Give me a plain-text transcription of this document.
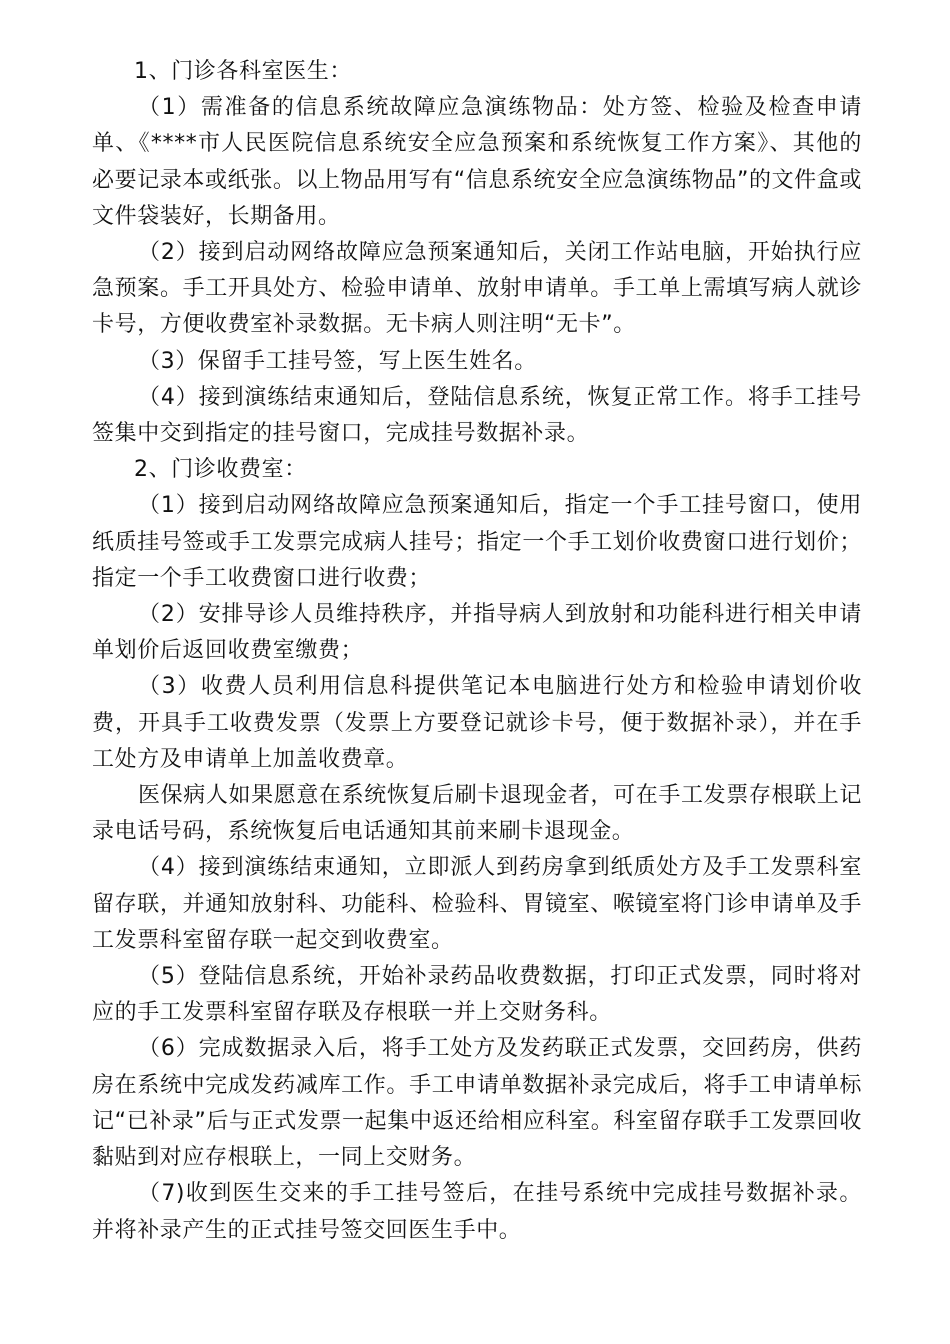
1、门诊各科室医生：

（1）需准备的信息系统故障应急演练物品：处方签、检验及检查申请单、《****市人民医院信息系统安全应急预案和系统恢复工作方案》、其他的必要记录本或纸张。以上物品用写有“信息系统安全应急演练物品”的文件盒或文件袋装好，长期备用。

（2）接到启动网络故障应急预案通知后，关闭工作站电脑，开始执行应急预案。手工开具处方、检验申请单、放射申请单。手工单上需填写病人就诊卡号，方便收费室补录数据。无卡病人则注明“无卡”。

（3）保留手工挂号签，写上医生姓名。

（4）接到演练结束通知后，登陆信息系统，恢复正常工作。将手工挂号签集中交到指定的挂号窗口，完成挂号数据补录。

2、门诊收费室：

（1）接到启动网络故障应急预案通知后，指定一个手工挂号窗口，使用纸质挂号签或手工发票完成病人挂号；指定一个手工划价收费窗口进行划价；指定一个手工收费窗口进行收费；

（2）安排导诊人员维持秩序，并指导病人到放射和功能科进行相关申请单划价后返回收费室缴费；

（3）收费人员利用信息科提供笔记本电脑进行处方和检验申请划价收费，开具手工收费发票（发票上方要登记就诊卡号，便于数据补录），并在手工处方及申请单上加盖收费章。

医保病人如果愿意在系统恢复后刷卡退现金者，可在手工发票存根联上记录电话号码，系统恢复后电话通知其前来刷卡退现金。

（4）接到演练结束通知，立即派人到药房拿到纸质处方及手工发票科室留存联，并通知放射科、功能科、检验科、胃镜室、喉镜室将门诊申请单及手工发票科室留存联一起交到收费室。

（5）登陆信息系统，开始补录药品收费数据，打印正式发票，同时将对应的手工发票科室留存联及存根联一并上交财务科。

（6）完成数据录入后，将手工处方及发药联正式发票，交回药房，供药房在系统中完成发药减库工作。手工申请单数据补录完成后，将手工申请单标记“已补录”后与正式发票一起集中返还给相应科室。科室留存联手工发票回收黏贴到对应存根联上，一同上交财务。

（7)收到医生交来的手工挂号签后，在挂号系统中完成挂号数据补录。并将补录产生的正式挂号签交回医生手中。
